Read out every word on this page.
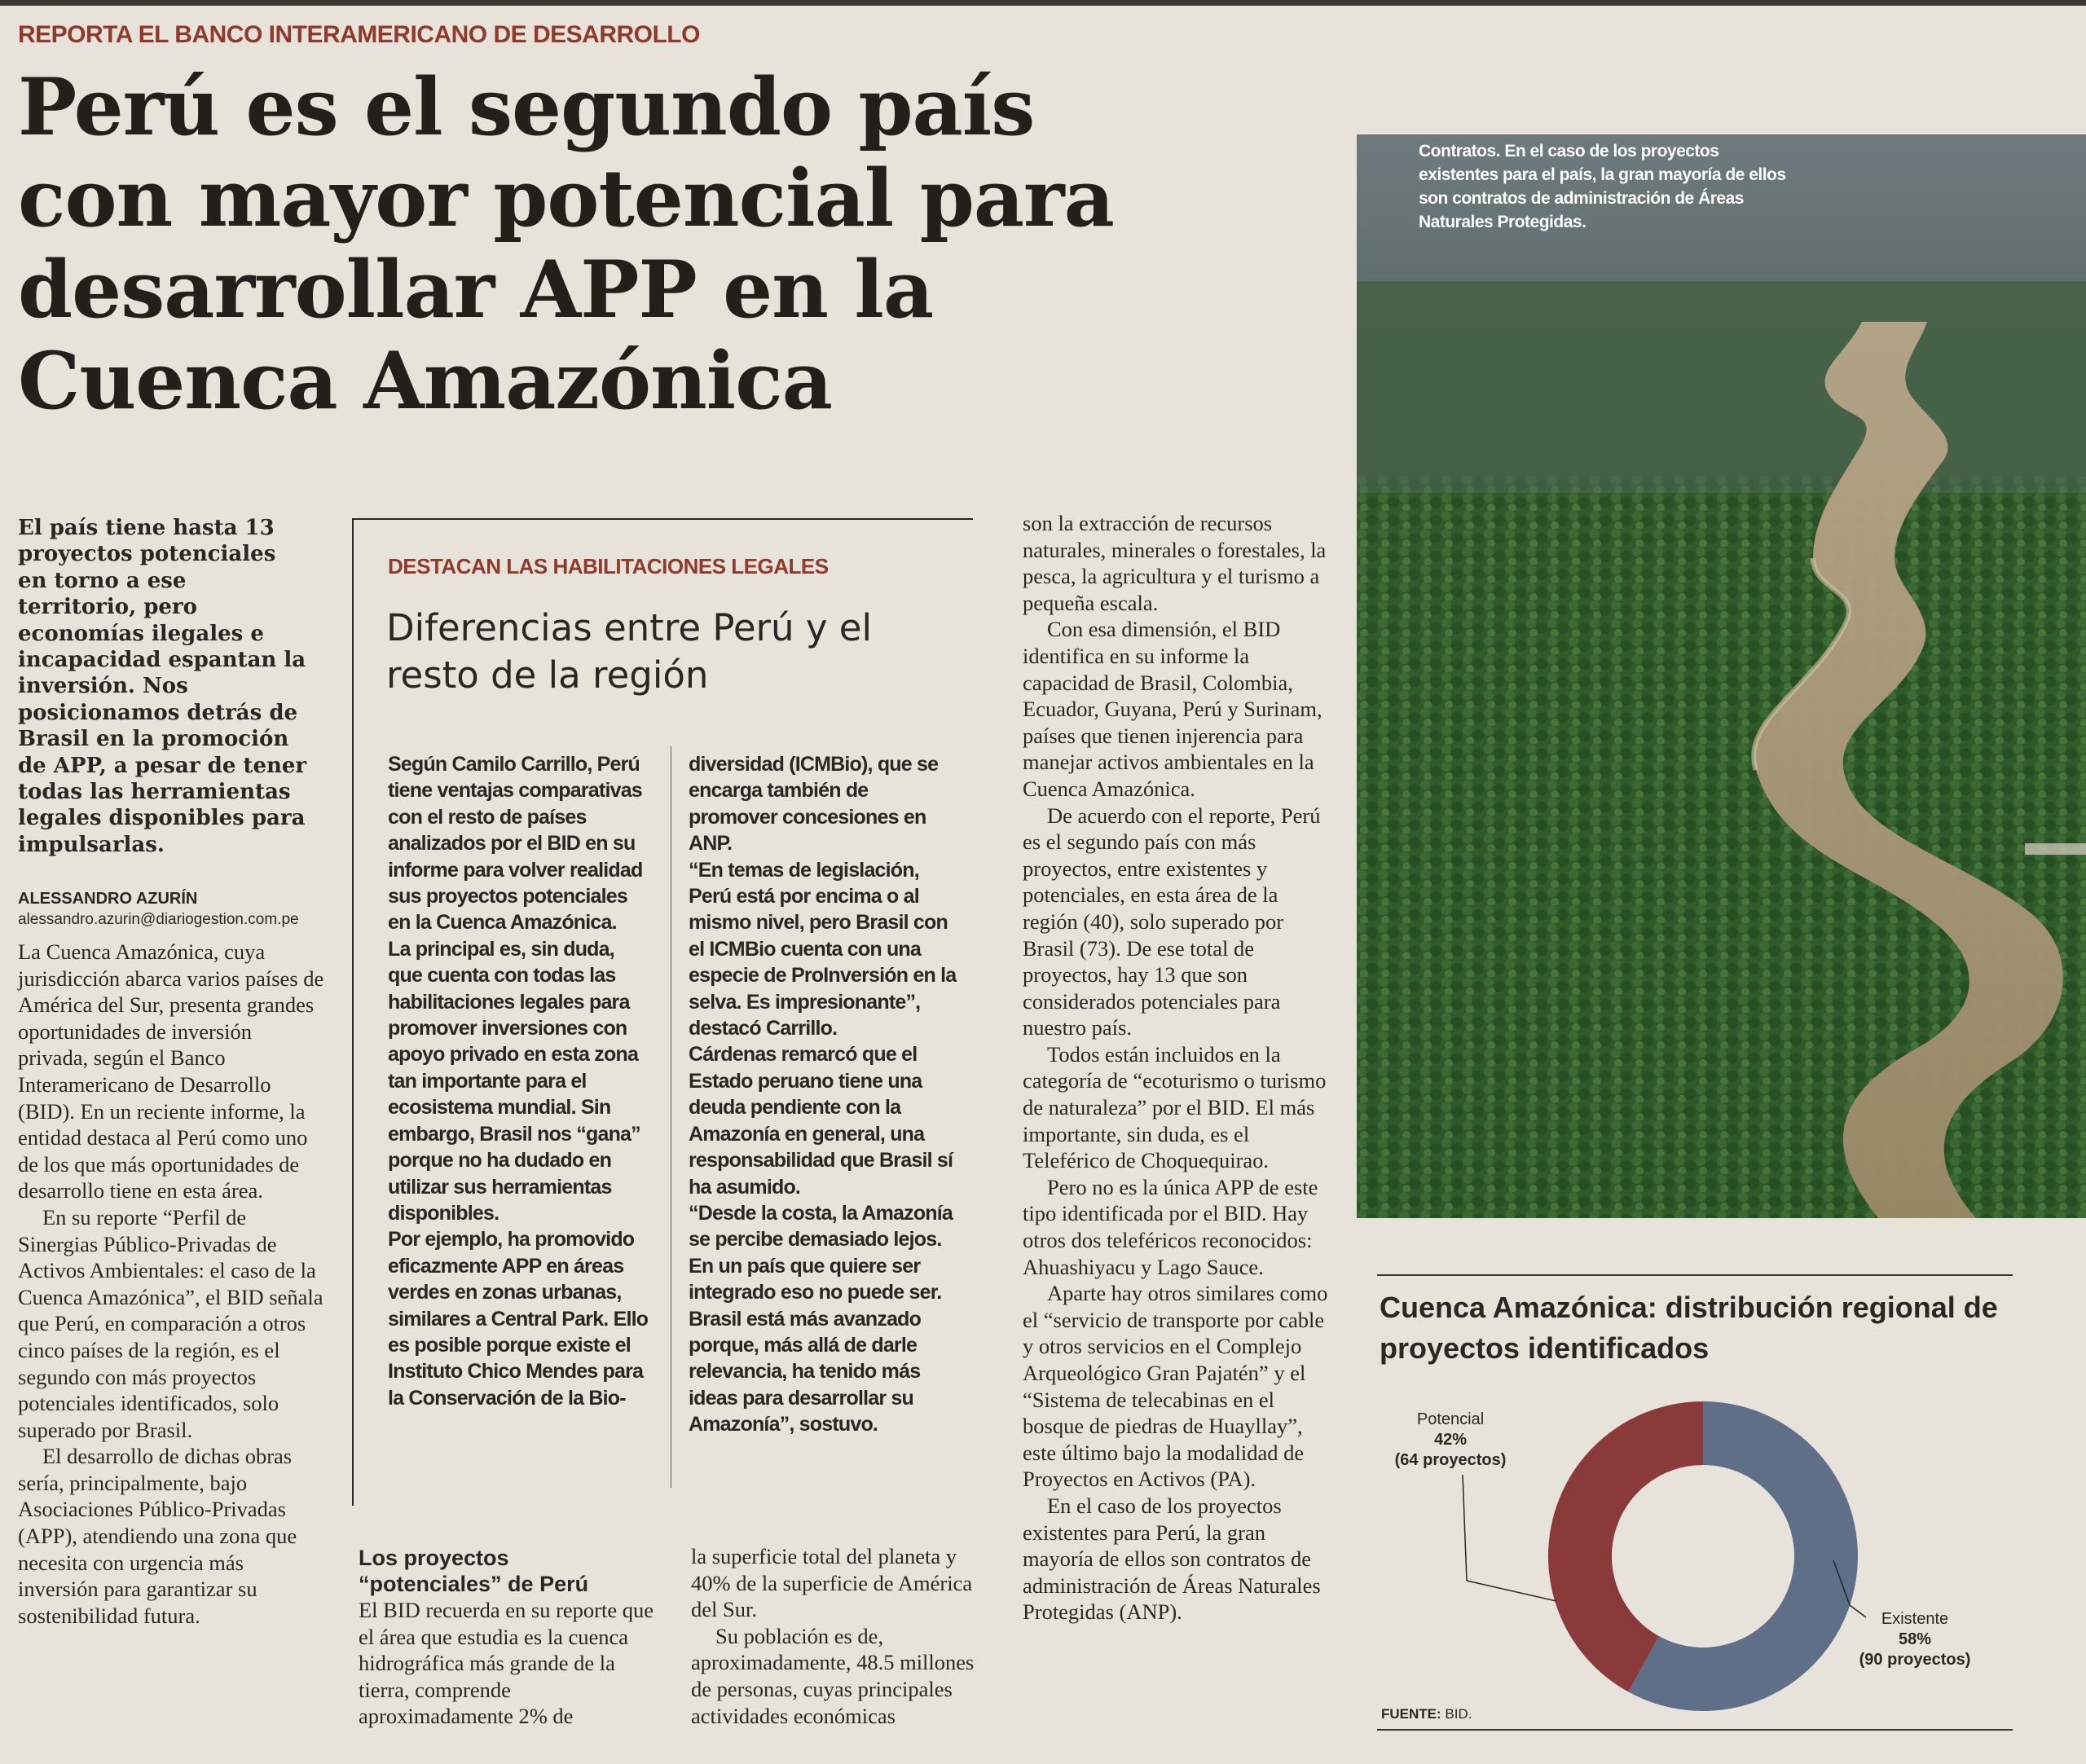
REPORTA EL BANCO INTERAMERICANO DE DESARROLLO
Perú es el segundo país
con mayor potencial para
desarrollar APP en la
Cuenca Amazónica
El país tiene hasta 13 proyectos potenciales en torno a ese territorio, pero economías ilegales e incapacidad espantan la inversión. Nos posicionamos detrás de Brasil en la promoción de APP, a pesar de tener todas las herramientas legales disponibles para impulsarlas.
ALESSANDRO AZURÍN
alessandro.azurin@diariogestion.com.pe

La Cuenca Amazónica, cuya jurisdicción abarca varios países de América del Sur, presenta grandes oportunidades de inversión privada, según el Banco Interamericano de Desarrollo (BID). En un reciente informe, la entidad destaca al Perú como uno de los que más oportunidades de desarrollo tiene en esta área.

En su reporte “Perfil de Sinergias Público-Privadas de Activos Ambientales: el caso de la Cuenca Amazónica”, el BID señala que Perú, en comparación a otros cinco países de la región, es el segundo con más proyectos potenciales identificados, solo superado por Brasil.

El desarrollo de dichas obras sería, principalmente, bajo Asociaciones Público-Privadas (APP), atendiendo una zona que necesita con urgencia más inversión para garantizar su sostenibilidad futura.

DESTACAN LAS HABILITACIONES LEGALES
Diferencias entre Perú y el resto de la región

Según Camilo Carrillo, Perú tiene ventajas comparativas con el resto de países analizados por el BID en su informe para volver realidad sus proyectos potenciales en la Cuenca Amazónica.

La principal es, sin duda, que cuenta con todas las habilitaciones legales para promover inversiones con apoyo privado en esta zona tan importante para el ecosistema mundial. Sin embargo, Brasil nos “gana” porque no ha dudado en utilizar sus herramientas disponibles.

Por ejemplo, ha promovido eficazmente APP en áreas verdes en zonas urbanas, similares a Central Park. Ello es posible porque existe el Instituto Chico Mendes para la Conservación de la Bio-

diversidad (ICMBio), que se encarga también de promover concesiones en ANP.

“En temas de legislación, Perú está por encima o al mismo nivel, pero Brasil con el ICMBio cuenta con una especie de ProInversión en la selva. Es impresionante”, destacó Carrillo.

Cárdenas remarcó que el Estado peruano tiene una deuda pendiente con la Amazonía en general, una responsabilidad que Brasil sí ha asumido.

“Desde la costa, la Amazonía se percibe demasiado lejos. En un país que quiere ser integrado eso no puede ser. Brasil está más avanzado porque, más allá de darle relevancia, ha tenido más ideas para desarrollar su Amazonía”, sostuvo.

Los proyectos “potenciales” de Perú

El BID recuerda en su reporte que el área que estudia es la cuenca hidrográfica más grande de la tierra, comprende aproximadamente 2% de

la superficie total del planeta y 40% de la superficie de América del Sur.

Su población es de, aproximadamente, 48.5 millones de personas, cuyas principales actividades económicas

son la extracción de recursos naturales, minerales o forestales, la pesca, la agricultura y el turismo a pequeña escala.

Con esa dimensión, el BID identifica en su informe la capacidad de Brasil, Colombia, Ecuador, Guyana, Perú y Surinam, países que tienen injerencia para manejar activos ambientales en la Cuenca Amazónica.

De acuerdo con el reporte, Perú es el segundo país con más proyectos, entre existentes y potenciales, en esta área de la región (40), solo superado por Brasil (73). De ese total de proyectos, hay 13 que son considerados potenciales para nuestro país.

Todos están incluidos en la categoría de “ecoturismo o turismo de naturaleza” por el BID. El más importante, sin duda, es el Teleférico de Choquequirao.

Pero no es la única APP de este tipo identificada por el BID. Hay otros dos teleféricos reconocidos: Ahuashiyacu y Lago Sauce.

Aparte hay otros similares como el “servicio de transporte por cable y otros servicios en el Complejo Arqueológico Gran Pajatén” y el “Sistema de telecabinas en el bosque de piedras de Huayllay”, este último bajo la modalidad de Proyectos en Activos (PA).

En el caso de los proyectos existentes para Perú, la gran mayoría de ellos son contratos de administración de Áreas Naturales Protegidas (ANP).

Contratos. En el caso de los proyectos existentes para el país, la gran mayoría de ellos son contratos de administración de Áreas Naturales Protegidas.
Cuenca Amazónica: distribución regional de proyectos identificados
Potencial
42%
(64 proyectos)
Existente
58%
(90 proyectos)
FUENTE: BID.
